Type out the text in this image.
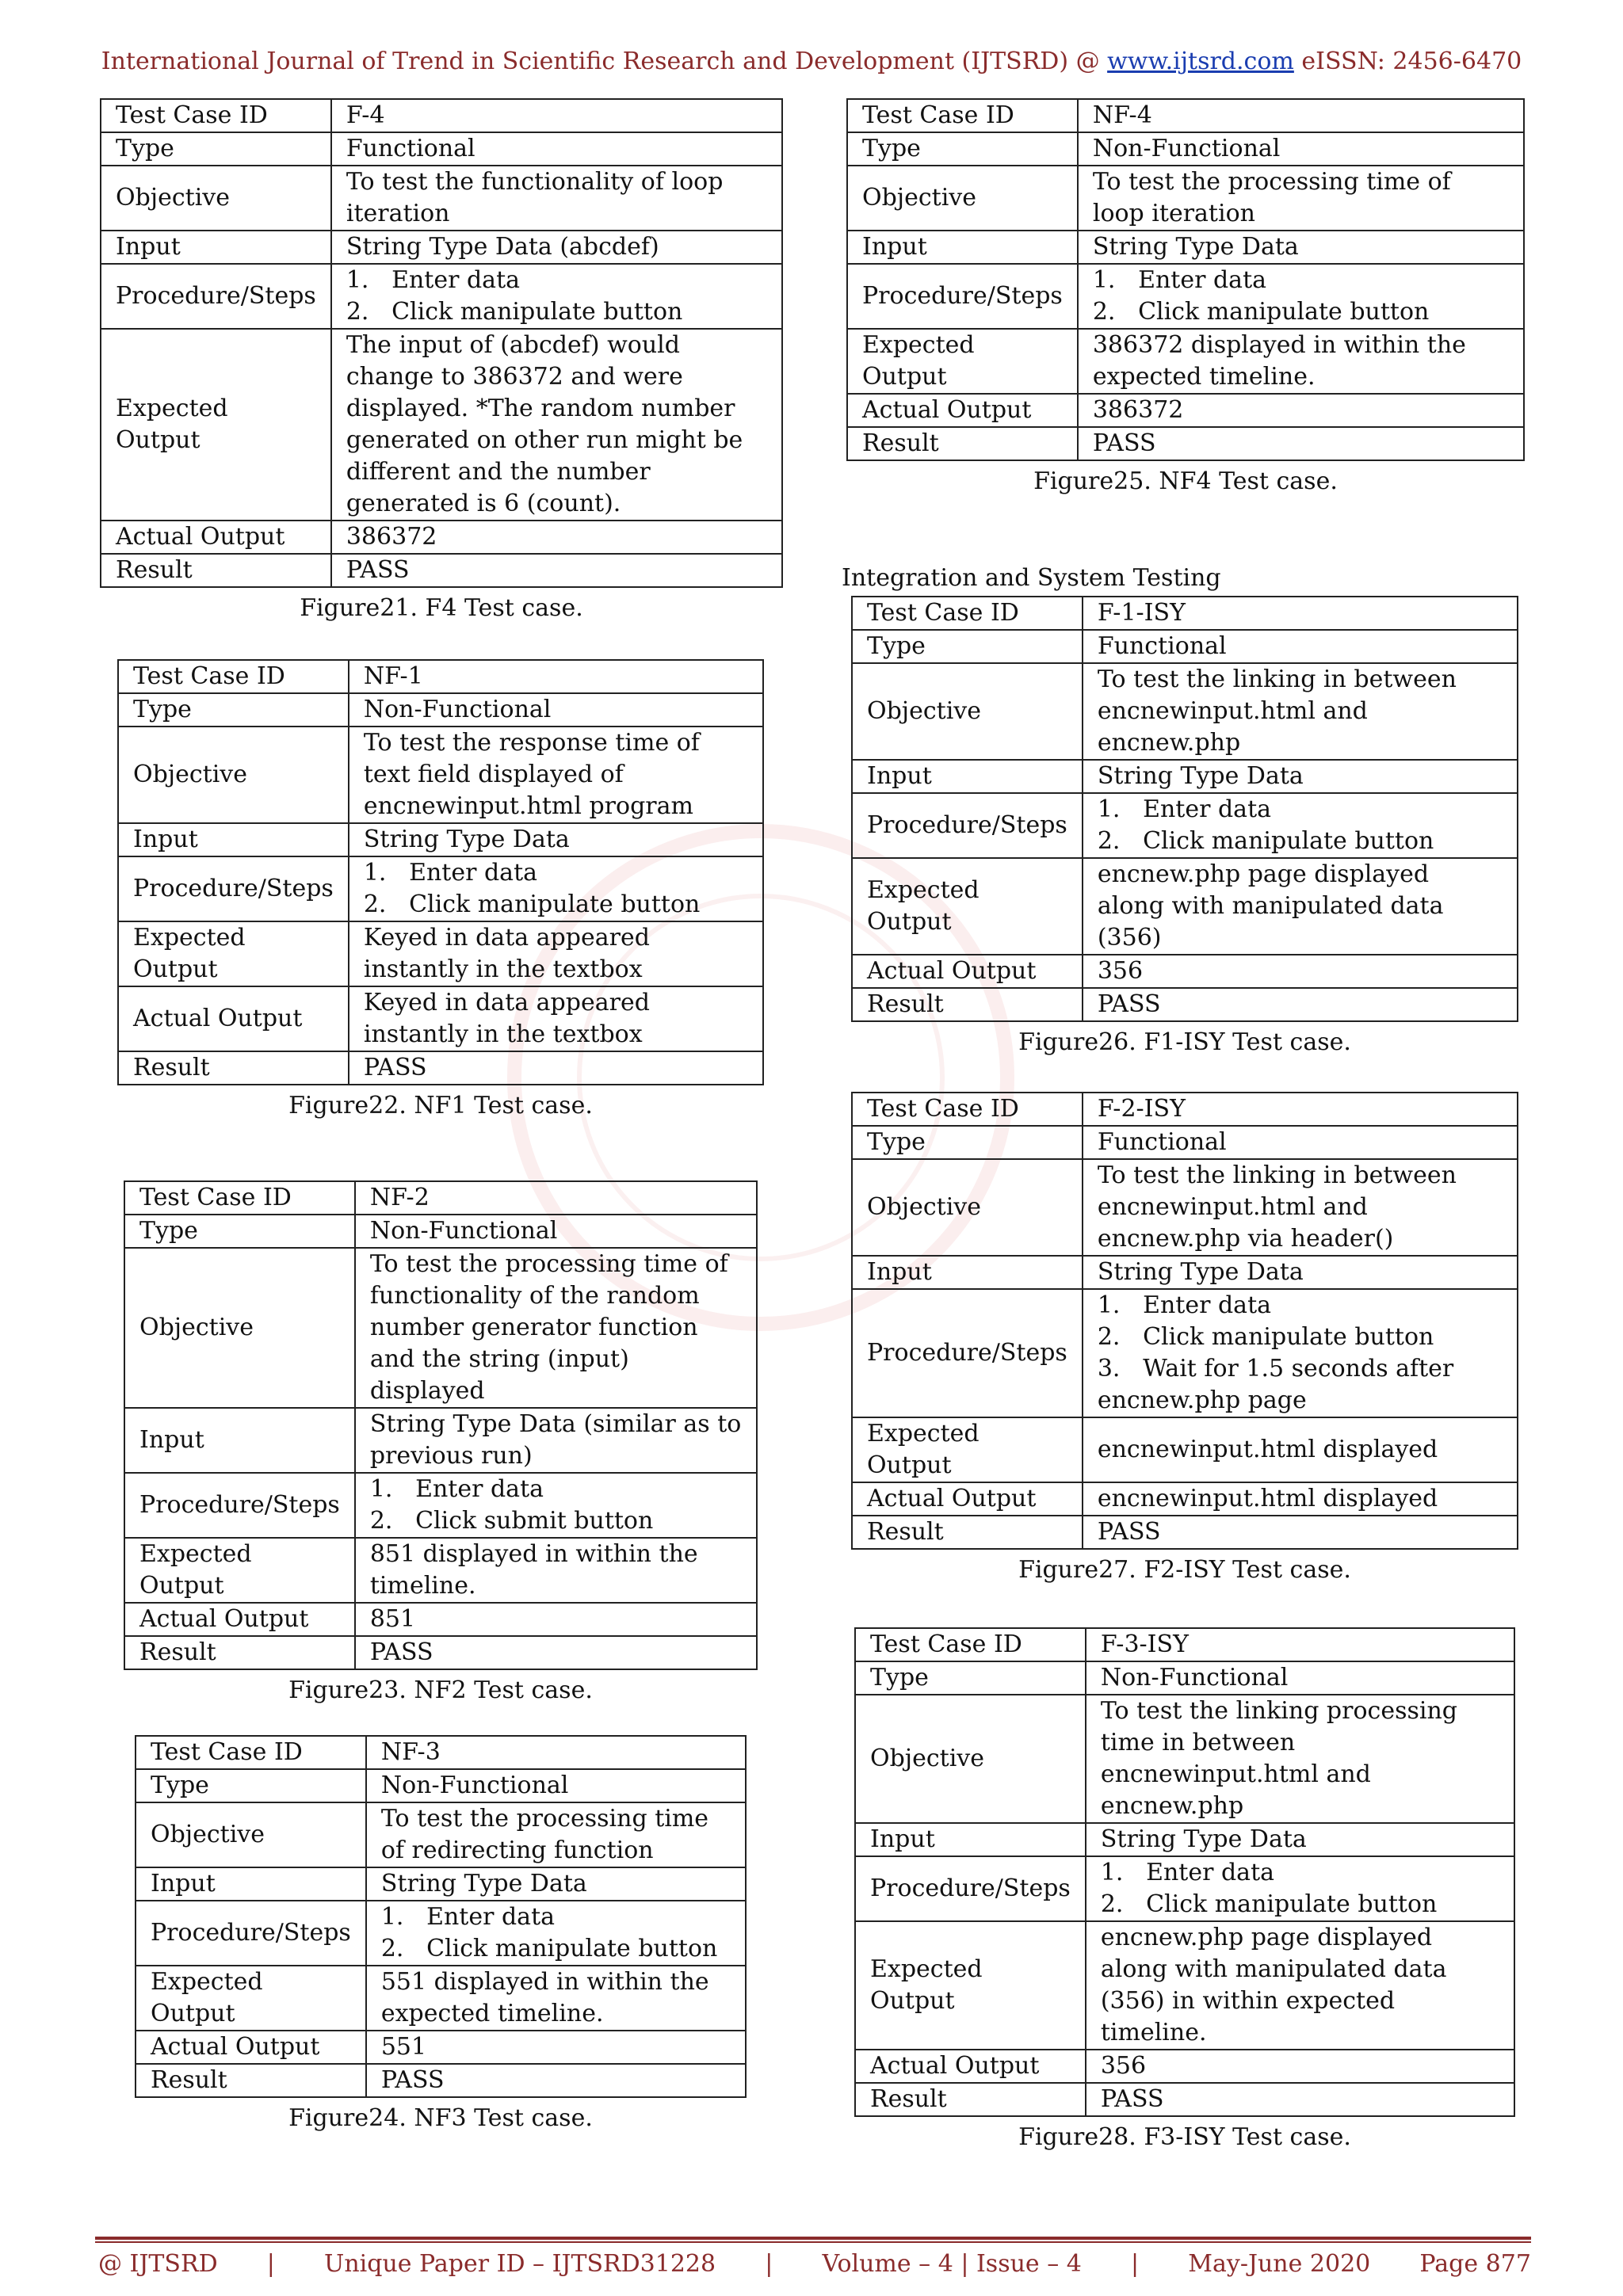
International Journal of Trend in Scientific Research and Development (IJTSRD) @ www.ijtsrd.com eISSN: 2456-6470
Test Case ID	F-4
Type	Functional
Objective	To test the functionality of loop iteration
Input	String Type Data (abcdef)
Procedure/Steps	1.   Enter data
2.   Click manipulate button

Expected Output	The input of (abcdef) would change to 386372 and were displayed. *The random number generated on other run might be different and the number generated is 6 (count).
Actual Output	386372
Result	PASS
Figure21. F4 Test case.
Test Case ID	NF-1
Type	Non-Functional
Objective	To test the response time of text field displayed of encnewinput.html program
Input	String Type Data
Procedure/Steps	1.   Enter data
2.   Click manipulate button

Expected Output	Keyed in data appeared instantly in the textbox
Actual Output	Keyed in data appeared instantly in the textbox
Result	PASS
Figure22. NF1 Test case.
Test Case ID	NF-2
Type	Non-Functional
Objective	To test the processing time of functionality of the random number generator function and the string (input) displayed
Input	String Type Data (similar as to previous run)
Procedure/Steps	1.   Enter data
2.   Click submit button

Expected Output	851 displayed in within the timeline.
Actual Output	851
Result	PASS
Figure23. NF2 Test case.
Test Case ID	NF-3
Type	Non-Functional
Objective	To test the processing time of redirecting function
Input	String Type Data
Procedure/Steps	1.   Enter data
2.   Click manipulate button

Expected Output	551 displayed in within the expected timeline.
Actual Output	551
Result	PASS
Figure24. NF3 Test case.
Test Case ID	NF-4
Type	Non-Functional
Objective	To test the processing time of loop iteration
Input	String Type Data
Procedure/Steps	1.   Enter data
2.   Click manipulate button

Expected Output	386372 displayed in within the expected timeline.
Actual Output	386372
Result	PASS
Figure25. NF4 Test case.
Integration and System Testing
Test Case ID	F-1-ISY
Type	Functional
Objective	To test the linking in between encnewinput.html and encnew.php
Input	String Type Data
Procedure/Steps	1.   Enter data
2.   Click manipulate button

Expected Output	encnew.php page displayed along with manipulated data (356)
Actual Output	356
Result	PASS
Figure26. F1-ISY Test case.
Test Case ID	F-2-ISY
Type	Functional
Objective	To test the linking in between encnewinput.html and encnew.php via header()
Input	String Type Data
Procedure/Steps	1.   Enter data
2.   Click manipulate button
3.   Wait for 1.5 seconds after encnew.php page

Expected Output	encnewinput.html displayed
Actual Output	encnewinput.html displayed
Result	PASS
Figure27. F2-ISY Test case.
Test Case ID	F-3-ISY
Type	Non-Functional
Objective	To test the linking processing time in between encnewinput.html and encnew.php
Input	String Type Data
Procedure/Steps	1.   Enter data
2.   Click manipulate button

Expected Output	encnew.php page displayed along with manipulated data (356) in within expected timeline.
Actual Output	356
Result	PASS
Figure28. F3-ISY Test case.
@ IJTSRD | Unique Paper ID – IJTSRD31228 | Volume – 4 | Issue – 4 | May-June 2020 Page 877
